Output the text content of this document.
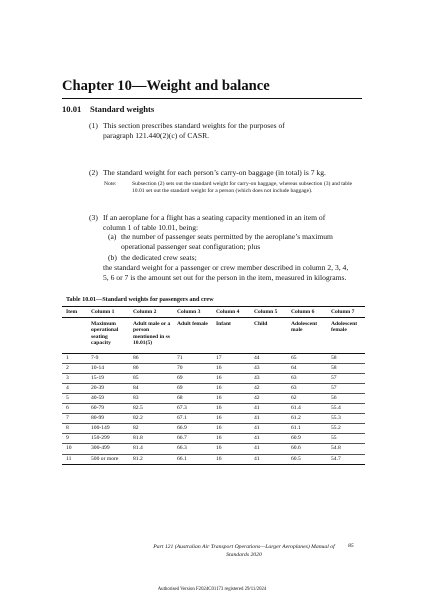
Chapter 10—Weight and balance
10.01 Standard weights
(1) This section prescribes standard weights for the purposes of
paragraph 121.440(2)(c) of CASR.
(2) The standard weight for each person’s carry-on baggage (in total) is 7 kg.
Note:	Subsection (2) sets out the standard weight for carry-on baggage, whereas subsection (3) and table 10.01 set out the standard weight for a person (which does not include baggage).
(3) If an aeroplane for a flight has a seating capacity mentioned in an item of
column 1 of table 10.01, being:
(a) the number of passenger seats permitted by the aeroplane’s maximum
operational passenger seat configuration; plus
(b) the dedicated crew seats;
the standard weight for a passenger or crew member described in column 2, 3, 4,
5, 6 or 7 is the amount set out for the person in the item, measured in kilograms.
Table 10.01—Standard weights for passengers and crew
Item	Column 1	Column 2	Column 3	Column 4	Column 5	Column 6	Column 7
	Maximum operational seating capacity	Adult male or a person mentioned in ss 10.01(5)	Adult female	Infant	Child	Adolescent male	Adolescent female
1	7-9	86	71	17	44	65	58
2	10-14	86	70	16	43	64	58
3	15-19	85	69	16	43	63	57
4	20-39	84	69	16	42	63	57
5	40-59	83	68	16	42	62	56
6	60-79	82.5	67.3	16	41	61.4	55.4
7	80-99	82.2	67.1	16	41	61.2	55.3
8	100-149	82	66.9	16	41	61.1	55.2
9	150-299	81.8	66.7	16	41	60.9	55
10	300-499	81.4	66.3	16	41	60.6	54.8
11	500 or more	81.2	66.1	16	41	60.5	54.7
Part 121 (Australian Air Transport Operations—Larger Aeroplanes) Manual of Standards 2020
85
Authorised Version F2024C01173 registered 29/11/2024
